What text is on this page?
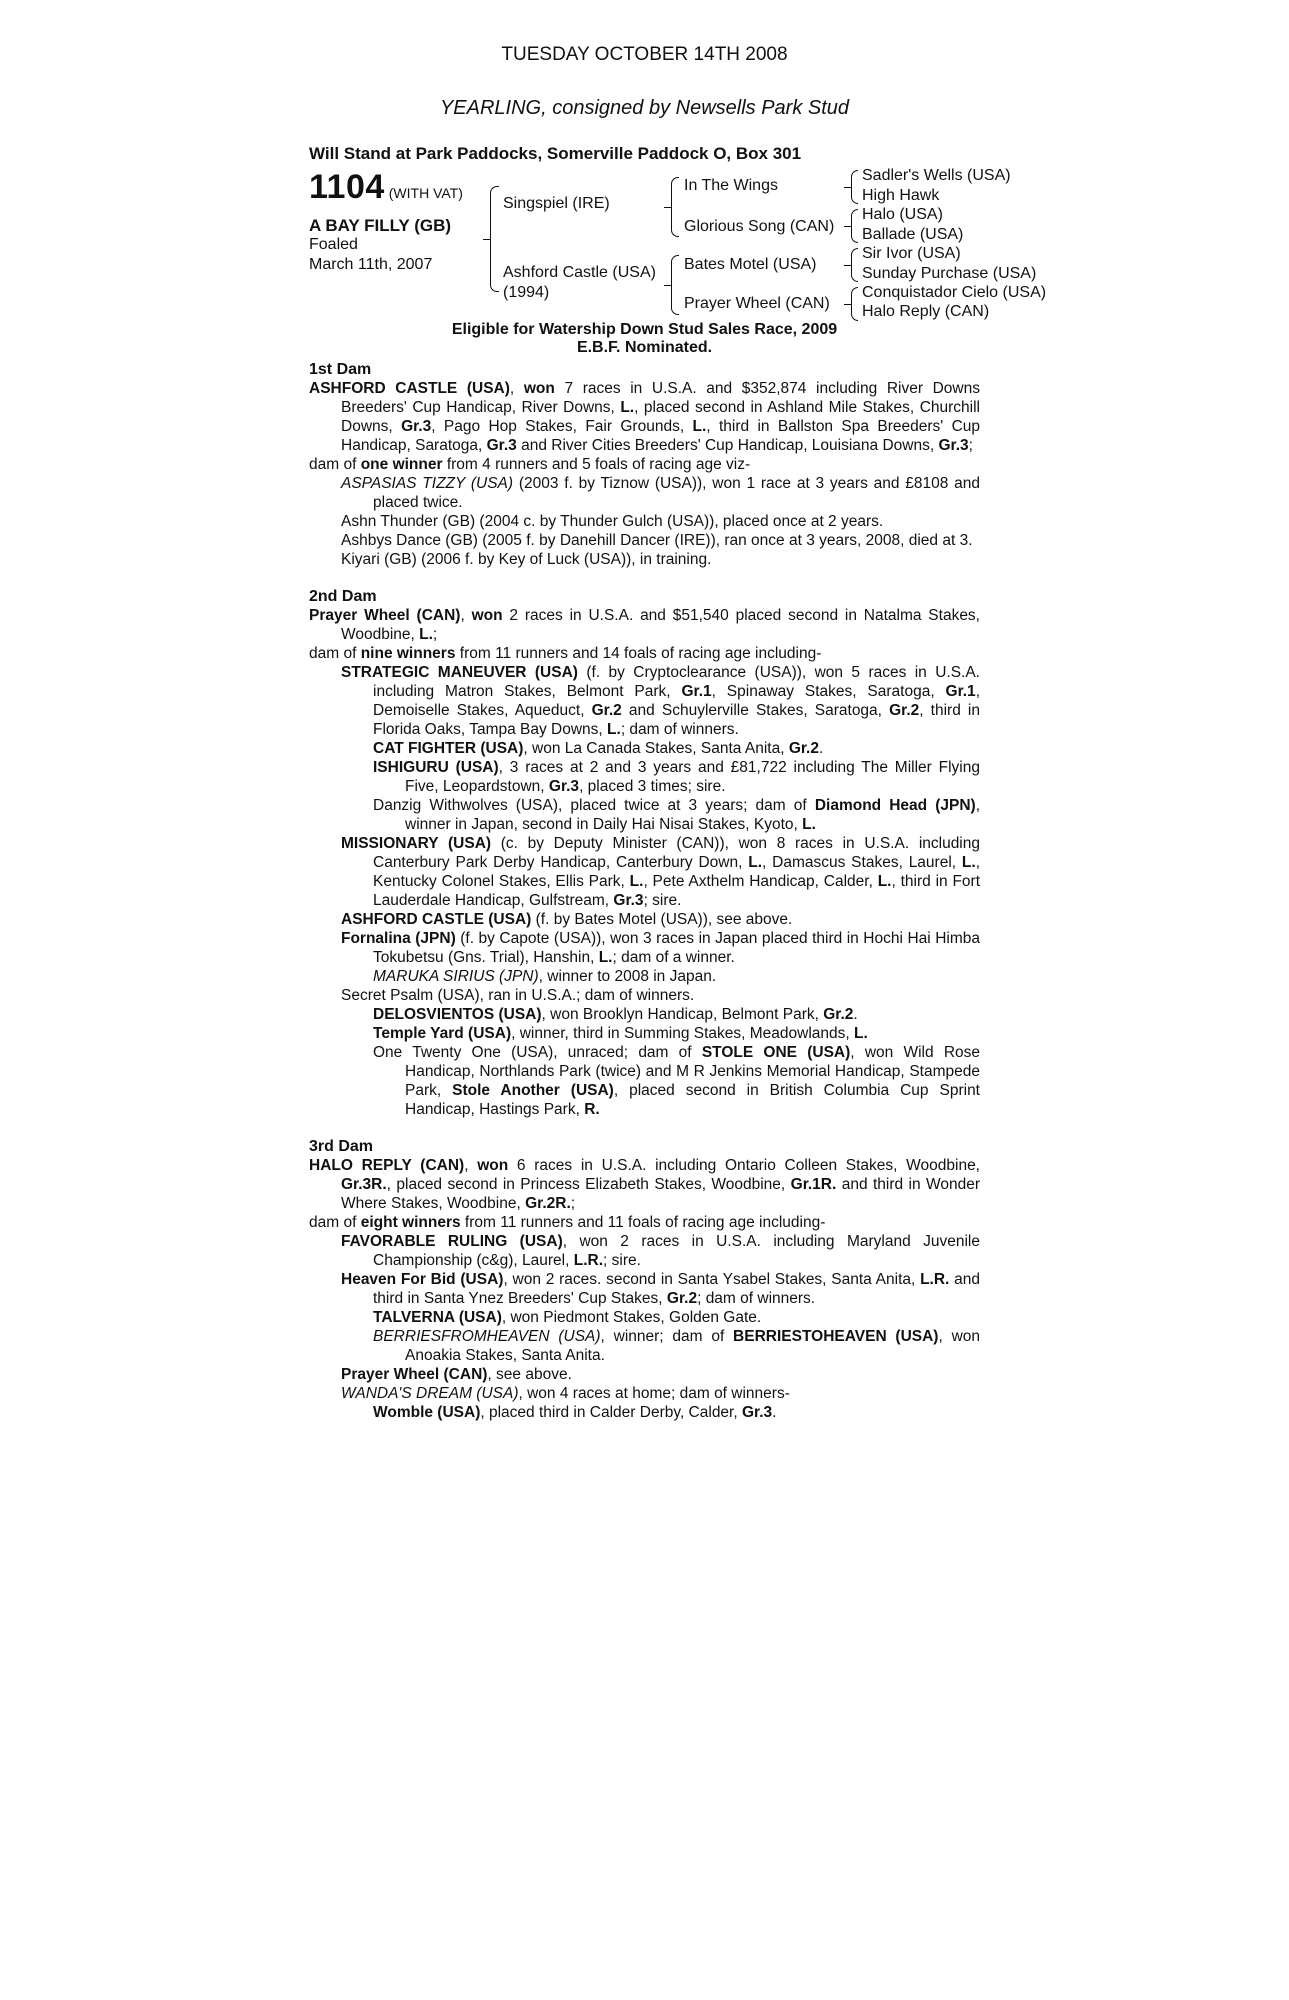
TUESDAY OCTOBER 14TH 2008
YEARLING, consigned by Newsells Park Stud
Will Stand at Park Paddocks, Somerville Paddock O, Box 301
1104 (WITH VAT)
A BAY FILLY (GB)
Foaled
March 11th, 2007
Singspiel (IRE)
Ashford Castle (USA)
(1994)
In The Wings
Glorious Song (CAN)
Bates Motel (USA)
Prayer Wheel (CAN)
Sadler's Wells (USA)
High Hawk
Halo (USA)
Ballade (USA)
Sir Ivor (USA)
Sunday Purchase (USA)
Conquistador Cielo (USA)
Halo Reply (CAN)
Eligible for Watership Down Stud Sales Race, 2009
E.B.F. Nominated.
1st Dam
ASHFORD CASTLE (USA), won 7 races in U.S.A. and $352,874 including River Downs Breeders' Cup Handicap, River Downs, L., placed second in Ashland Mile Stakes, Churchill Downs, Gr.3, Pago Hop Stakes, Fair Grounds, L., third in Ballston Spa Breeders' Cup Handicap, Saratoga, Gr.3 and River Cities Breeders' Cup Handicap, Louisiana Downs, Gr.3;
dam of one winner from 4 runners and 5 foals of racing age viz-
ASPASIAS TIZZY (USA) (2003 f. by Tiznow (USA)), won 1 race at 3 years and £8108 and placed twice.
Ashn Thunder (GB) (2004 c. by Thunder Gulch (USA)), placed once at 2 years.
Ashbys Dance (GB) (2005 f. by Danehill Dancer (IRE)), ran once at 3 years, 2008, died at 3.
Kiyari (GB) (2006 f. by Key of Luck (USA)), in training.
2nd Dam
Prayer Wheel (CAN), won 2 races in U.S.A. and $51,540 placed second in Natalma Stakes, Woodbine, L.;
dam of nine winners from 11 runners and 14 foals of racing age including-
STRATEGIC MANEUVER (USA) (f. by Cryptoclearance (USA)), won 5 races in U.S.A. including Matron Stakes, Belmont Park, Gr.1, Spinaway Stakes, Saratoga, Gr.1, Demoiselle Stakes, Aqueduct, Gr.2 and Schuylerville Stakes, Saratoga, Gr.2, third in Florida Oaks, Tampa Bay Downs, L.; dam of winners.
CAT FIGHTER (USA), won La Canada Stakes, Santa Anita, Gr.2.
ISHIGURU (USA), 3 races at 2 and 3 years and £81,722 including The Miller Flying Five, Leopardstown, Gr.3, placed 3 times; sire.
Danzig Withwolves (USA), placed twice at 3 years; dam of Diamond Head (JPN), winner in Japan, second in Daily Hai Nisai Stakes, Kyoto, L.
MISSIONARY (USA) (c. by Deputy Minister (CAN)), won 8 races in U.S.A. including Canterbury Park Derby Handicap, Canterbury Down, L., Damascus Stakes, Laurel, L., Kentucky Colonel Stakes, Ellis Park, L., Pete Axthelm Handicap, Calder, L., third in Fort Lauderdale Handicap, Gulfstream, Gr.3; sire.
ASHFORD CASTLE (USA) (f. by Bates Motel (USA)), see above.
Fornalina (JPN) (f. by Capote (USA)), won 3 races in Japan placed third in Hochi Hai Himba Tokubetsu (Gns. Trial), Hanshin, L.; dam of a winner.
MARUKA SIRIUS (JPN), winner to 2008 in Japan.
Secret Psalm (USA), ran in U.S.A.; dam of winners.
DELOSVIENTOS (USA), won Brooklyn Handicap, Belmont Park, Gr.2.
Temple Yard (USA), winner, third in Summing Stakes, Meadowlands, L.
One Twenty One (USA), unraced; dam of STOLE ONE (USA), won Wild Rose Handicap, Northlands Park (twice) and M R Jenkins Memorial Handicap, Stampede Park, Stole Another (USA), placed second in British Columbia Cup Sprint Handicap, Hastings Park, R.
3rd Dam
HALO REPLY (CAN), won 6 races in U.S.A. including Ontario Colleen Stakes, Woodbine, Gr.3R., placed second in Princess Elizabeth Stakes, Woodbine, Gr.1R. and third in Wonder Where Stakes, Woodbine, Gr.2R.;
dam of eight winners from 11 runners and 11 foals of racing age including-
FAVORABLE RULING (USA), won 2 races in U.S.A. including Maryland Juvenile Championship (c&g), Laurel, L.R.; sire.
Heaven For Bid (USA), won 2 races. second in Santa Ysabel Stakes, Santa Anita, L.R. and third in Santa Ynez Breeders' Cup Stakes, Gr.2; dam of winners.
TALVERNA (USA), won Piedmont Stakes, Golden Gate.
BERRIESFROMHEAVEN (USA), winner; dam of BERRIESTOHEAVEN (USA), won Anoakia Stakes, Santa Anita.
Prayer Wheel (CAN), see above.
WANDA'S DREAM (USA), won 4 races at home; dam of winners-
Womble (USA), placed third in Calder Derby, Calder, Gr.3.
